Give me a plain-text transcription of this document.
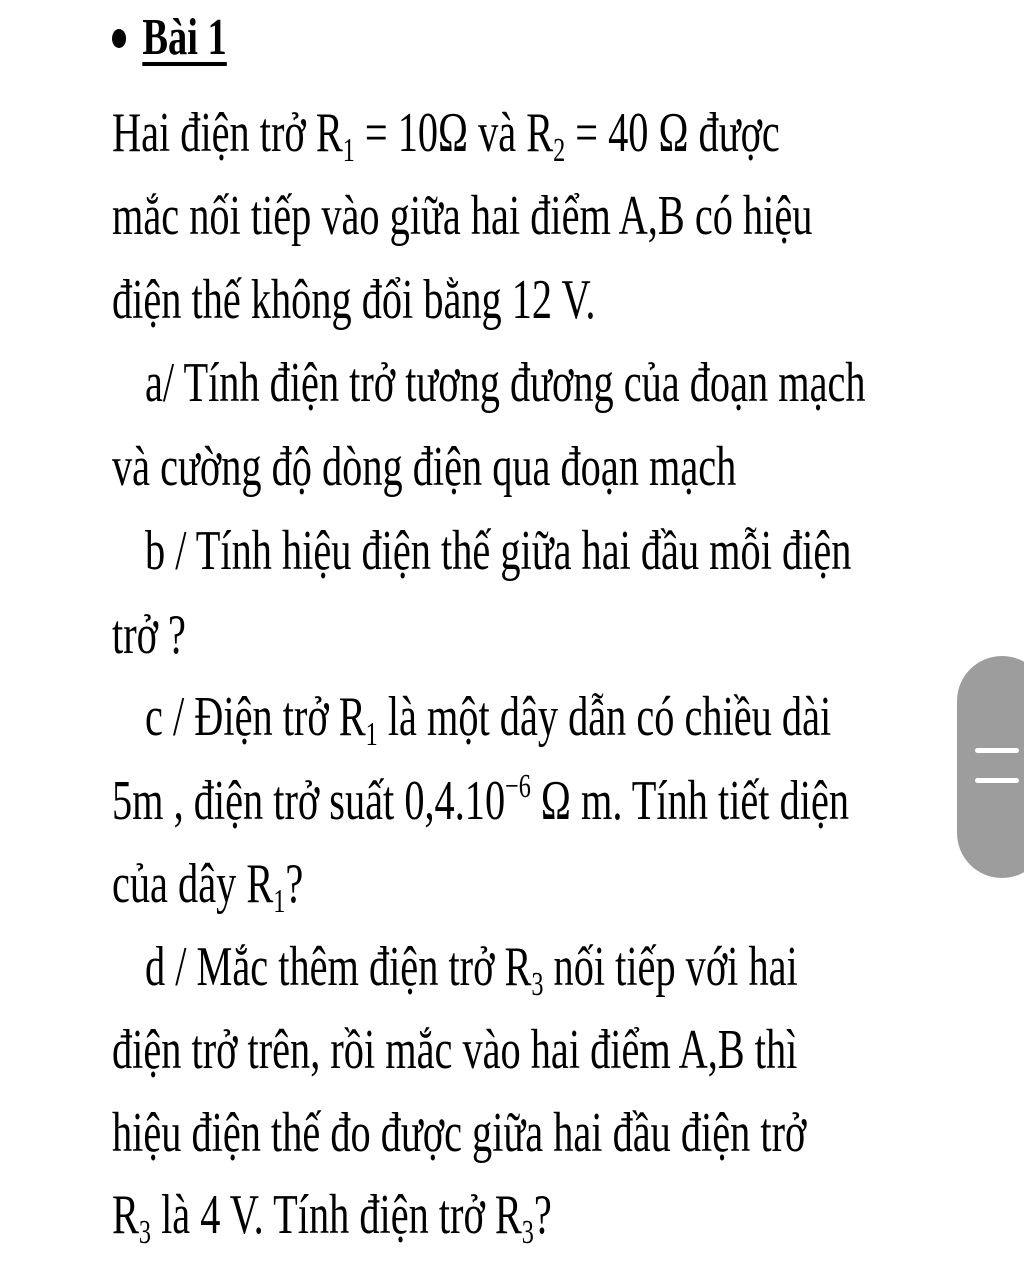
Bài 1
Hai điện trở $R_1 = 10\Omega$ và $R_2 = 40$ Ω được
mắc nối tiếp vào giữa hai điểm A,B có hiệu
điện thế không đổi bằng 12 V.
a/ Tính điện trở tương đương của đoạn mạch
và cường độ dòng điện qua đoạn mạch
b / Tính hiệu điện thế giữa hai đầu mỗi điện
trở ?
c / Điện trở $R_1$ là một dây dẫn có chiều dài
5m , điện trở suất $0,4.10^{-6}$ Ω m. Tính tiết diện
của dây $R_1$?
d / Mắc thêm điện trở $R_3$ nối tiếp với hai
điện trở trên, rồi mắc vào hai điểm A,B thì
hiệu điện thế đo được giữa hai đầu điện trở
$R_3$ là 4 V. Tính điện trở $R_3$?
